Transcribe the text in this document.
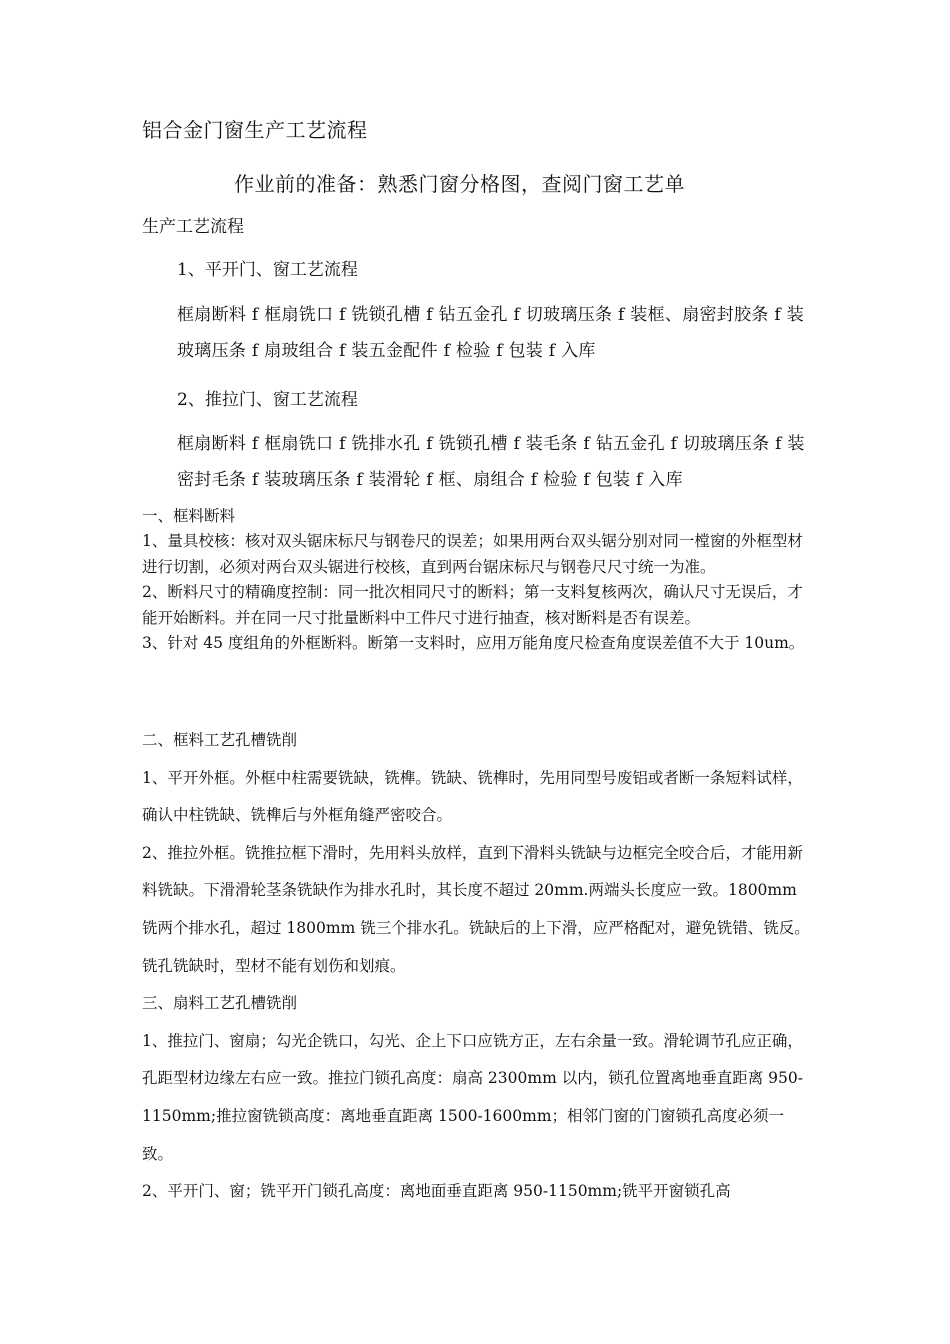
铝合金门窗生产工艺流程
作业前的准备：熟悉门窗分格图，查阅门窗工艺单
生产工艺流程
1、平开门、窗工艺流程
框扇断料 f 框扇铣口 f 铣锁孔槽 f 钻五金孔 f 切玻璃压条 f 装框、扇密封胶条 f 装玻璃压条 f 扇玻组合 f 装五金配件 f 检验 f 包装 f 入库
2、推拉门、窗工艺流程
框扇断料 f 框扇铣口 f 铣排水孔 f 铣锁孔槽 f 装毛条 f 钻五金孔 f 切玻璃压条 f 装密封毛条 f 装玻璃压条 f 装滑轮 f 框、扇组合 f 检验 f 包装 f 入库

一、框料断料

1、量具校核：核对双头锯床标尺与钢卷尺的误差；如果用两台双头锯分别对同一樘窗的外框型材进行切割，必须对两台双头锯进行校核，直到两台锯床标尺与钢卷尺尺寸统一为准。

2、断料尺寸的精确度控制：同一批次相同尺寸的断料；第一支料复核两次，确认尺寸无误后，才能开始断料。并在同一尺寸批量断料中工件尺寸进行抽查，核对断料是否有误差。

3、针对 45 度组角的外框断料。断第一支料时，应用万能角度尺检查角度误差值不大于 10um。

二、框料工艺孔槽铣削

1、平开外框。外框中柱需要铣缺，铣榫。铣缺、铣榫时，先用同型号废铝或者断一条短料试样，确认中柱铣缺、铣榫后与外框角缝严密咬合。

2、推拉外框。铣推拉框下滑时，先用料头放样，直到下滑料头铣缺与边框完全咬合后，才能用新料铣缺。下滑滑轮茎条铣缺作为排水孔时，其长度不超过 20mm.两端头长度应一致。1800mm 铣两个排水孔，超过 1800mm 铣三个排水孔。铣缺后的上下滑，应严格配对，避免铣错、铣反。铣孔铣缺时，型材不能有划伤和划痕。

三、扇料工艺孔槽铣削

1、推拉门、窗扇；勾光企铣口，勾光、企上下口应铣方正，左右余量一致。滑轮调节孔应正确，孔距型材边缘左右应一致。推拉门锁孔高度：扇高 2300mm 以内，锁孔位置离地垂直距离 950-1150mm;推拉窗铣锁高度：离地垂直距离 1500-1600mm；相邻门窗的门窗锁孔高度必须一致。

2、平开门、窗；铣平开门锁孔高度：离地面垂直距离 950-1150mm;铣平开窗锁孔高
